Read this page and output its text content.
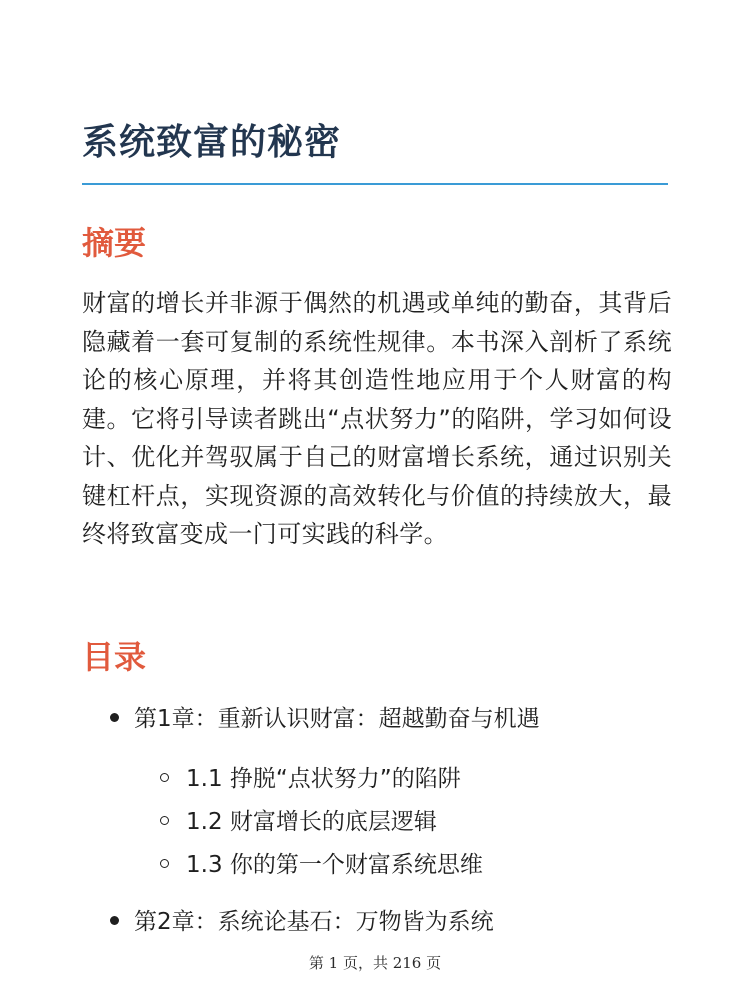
系统致富的秘密
摘要

财富的增长并非源于偶然的机遇或单纯的勤奋，其背后隐藏着一套可复制的系统性规律。本书深入剖析了系统论的核心原理，并将其创造性地应用于个人财富的构建。它将引导读者跳出“点状努力”的陷阱，学习如何设计、优化并驾驭属于自己的财富增长系统，通过识别关键杠杆点，实现资源的高效转化与价值的持续放大，最终将致富变成一门可实践的科学。

目录
第1章：重新认识财富：超越勤奋与机遇
1.1 挣脱“点状努力”的陷阱
1.2 财富增长的底层逻辑
1.3 你的第一个财富系统思维
第2章：系统论基石：万物皆为系统
第 1 页，共 216 页
